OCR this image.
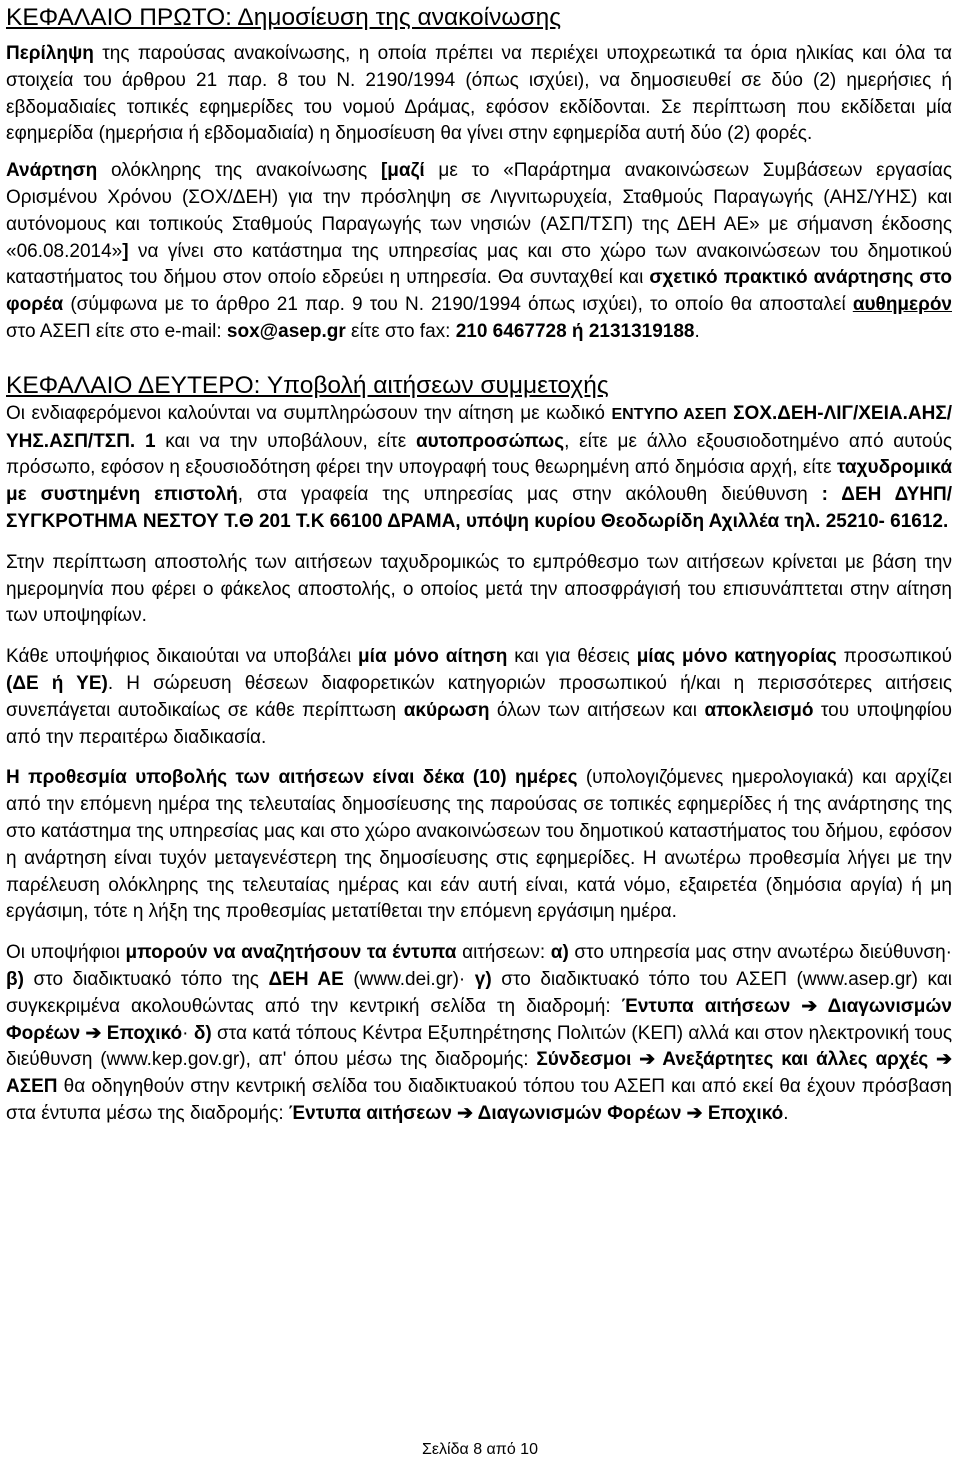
ΚΕΦΑΛΑΙΟ ΠΡΩΤΟ: Δημοσίευση της ανακοίνωσης

Περίληψη της παρούσας ανακοίνωσης, η οποία πρέπει να περιέχει υποχρεωτικά τα όρια ηλικίας και όλα τα στοιχεία του άρθρου 21 παρ. 8 του Ν. 2190/1994 (όπως ισχύει), να δημοσιευθεί σε δύο (2) ημερήσιες ή εβδομαδιαίες τοπικές εφημερίδες του νομού Δράμας, εφόσον εκδίδονται. Σε περίπτωση που εκδίδεται μία εφημερίδα (ημερήσια ή εβδομαδιαία) η δημοσίευση θα γίνει στην εφημερίδα αυτή δύο (2) φορές.

Ανάρτηση ολόκληρης της ανακοίνωσης [μαζί με το «Παράρτημα ανακοινώσεων Συμβάσεων εργασίας Ορισμένου Χρόνου (ΣΟΧ/ΔΕΗ) για την πρόσληψη σε Λιγνιτωρυχεία, Σταθμούς Παραγωγής (ΑΗΣ/ΥΗΣ) και αυτόνομους και τοπικούς Σταθμούς Παραγωγής των νησιών (ΑΣΠ/ΤΣΠ) της ΔΕΗ ΑΕ» με σήμανση έκδοσης «06.08.2014»] να γίνει στο κατάστημα της υπηρεσίας μας και στο χώρο των ανακοινώσεων του δημοτικού καταστήματος του δήμου στον οποίο εδρεύει η υπηρεσία. Θα συνταχθεί και σχετικό πρακτικό ανάρτησης στο φορέα (σύμφωνα με το άρθρο 21 παρ. 9 του Ν. 2190/1994 όπως ισχύει), το οποίο θα αποσταλεί αυθημερόν στο ΑΣΕΠ είτε στο e-mail: sox@asep.gr είτε στο fax: 210 6467728 ή 2131319188.

ΚΕΦΑΛΑΙΟ ΔΕΥΤΕΡΟ: Υποβολή αιτήσεων συμμετοχής

Οι ενδιαφερόμενοι καλούνται να συμπληρώσουν την αίτηση με κωδικό ΕΝΤΥΠΟ ΑΣΕΠ ΣΟΧ.ΔΕΗ-ΛΙΓ/ΧΕΙΑ.ΑΗΣ/ΥΗΣ.ΑΣΠ/ΤΣΠ. 1 και να την υποβάλουν, είτε αυτοπροσώπως, είτε με άλλο εξουσιοδοτημένο από αυτούς πρόσωπο, εφόσον η εξουσιοδότηση φέρει την υπογραφή τους θεωρημένη από δημόσια αρχή, είτε ταχυδρομικά με συστημένη επιστολή, στα γραφεία της υπηρεσίας μας στην ακόλουθη διεύθυνση : ΔΕΗ ΔΥΗΠ/ ΣΥΓΚΡΟΤΗΜΑ ΝΕΣΤΟΥ Τ.Θ 201 Τ.Κ 66100 ΔΡΑΜΑ, υπόψη κυρίου Θεοδωρίδη Αχιλλέα τηλ. 25210- 61612.

Στην περίπτωση αποστολής των αιτήσεων ταχυδρομικώς το εμπρόθεσμο των αιτήσεων κρίνεται με βάση την ημερομηνία που φέρει ο φάκελος αποστολής, ο οποίος μετά την αποσφράγισή του επισυνάπτεται στην αίτηση των υποψηφίων.

Κάθε υποψήφιος δικαιούται να υποβάλει μία μόνο αίτηση και για θέσεις μίας μόνο κατηγορίας προσωπικού (ΔΕ ή ΥΕ). Η σώρευση θέσεων διαφορετικών κατηγοριών προσωπικού ή/και η περισσότερες αιτήσεις συνεπάγεται αυτοδικαίως σε κάθε περίπτωση ακύρωση όλων των αιτήσεων και αποκλεισμό του υποψηφίου από την περαιτέρω διαδικασία.

Η προθεσμία υποβολής των αιτήσεων είναι δέκα (10) ημέρες (υπολογιζόμενες ημερολογιακά) και αρχίζει από την επόμενη ημέρα της τελευταίας δημοσίευσης της παρούσας σε τοπικές εφημερίδες ή της ανάρτησης της στο κατάστημα της υπηρεσίας μας και στο χώρο ανακοινώσεων του δημοτικού καταστήματος του δήμου, εφόσον η ανάρτηση είναι τυχόν μεταγενέστερη της δημοσίευσης στις εφημερίδες. Η ανωτέρω προθεσμία λήγει με την παρέλευση ολόκληρης της τελευταίας ημέρας και εάν αυτή είναι, κατά νόμο, εξαιρετέα (δημόσια αργία) ή μη εργάσιμη, τότε η λήξη της προθεσμίας μετατίθεται την επόμενη εργάσιμη ημέρα.

Οι υποψήφιοι μπορούν να αναζητήσουν τα έντυπα αιτήσεων: α) στο υπηρεσία μας στην ανωτέρω διεύθυνση· β) στο διαδικτυακό τόπο της ΔΕΗ ΑΕ (www.dei.gr)· γ) στο διαδικτυακό τόπο του ΑΣΕΠ (www.asep.gr) και συγκεκριμένα ακολουθώντας από την κεντρική σελίδα τη διαδρομή: Έντυπα αιτήσεων ➔ Διαγωνισμών Φορέων ➔ Εποχικό· δ) στα κατά τόπους Κέντρα Εξυπηρέτησης Πολιτών (ΚΕΠ) αλλά και στον ηλεκτρονική τους διεύθυνση (www.kep.gov.gr), απ' όπου μέσω της διαδρομής: Σύνδεσμοι ➔ Ανεξάρτητες και άλλες αρχές ➔ ΑΣΕΠ θα οδηγηθούν στην κεντρική σελίδα του διαδικτυακού τόπου του ΑΣΕΠ και από εκεί θα έχουν πρόσβαση στα έντυπα μέσω της διαδρομής: Έντυπα αιτήσεων ➔ Διαγωνισμών Φορέων ➔ Εποχικό.

Σελίδα 8 από 10
